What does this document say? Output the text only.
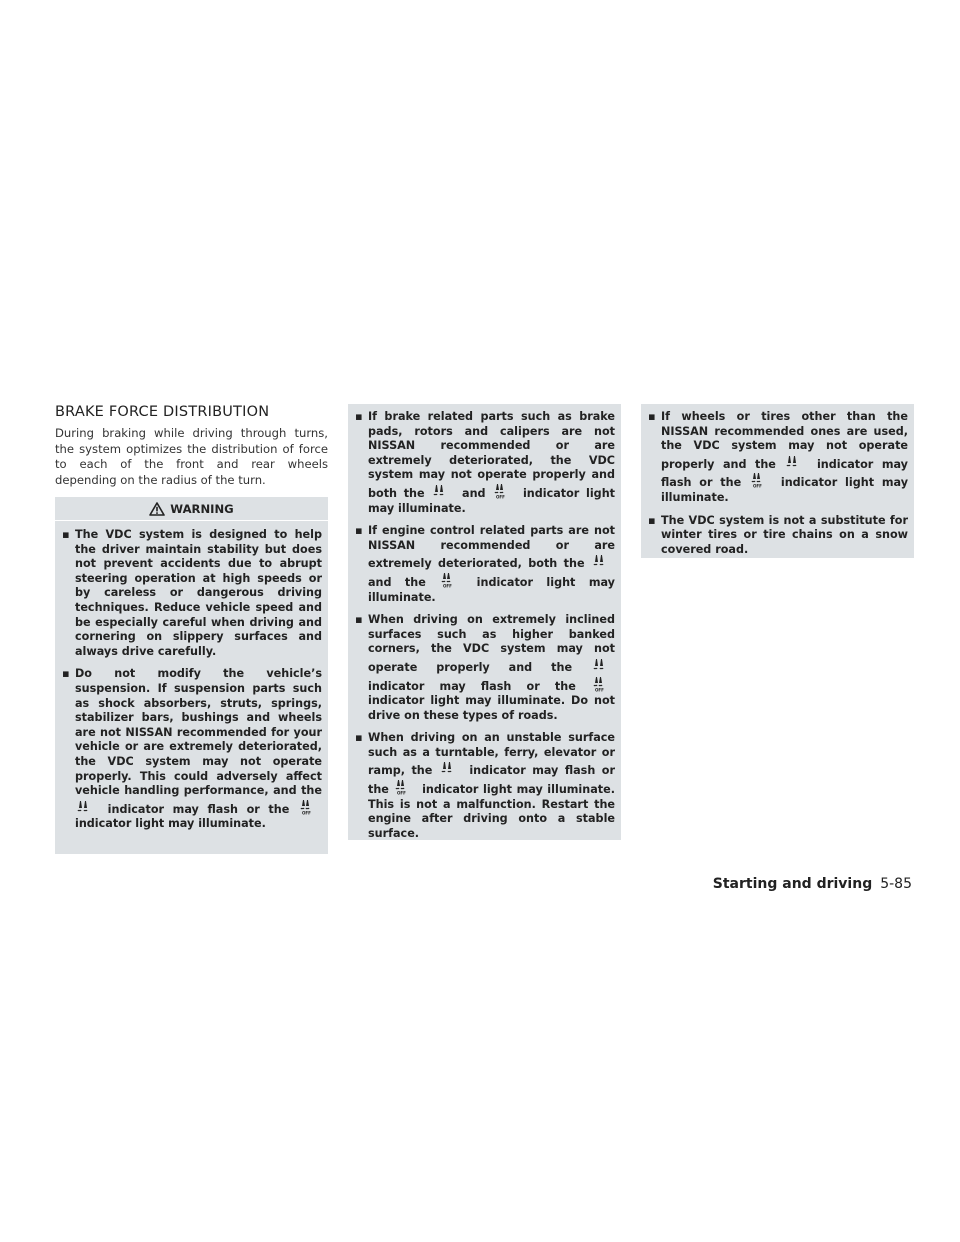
BRAKE FORCE DISTRIBUTION

During braking while driving through turns, the system optimizes the distribution of force to each of the front and rear wheels depending on the radius of the turn.

WARNING
▪ The VDC system is designed to help the driver maintain stability but does not prevent accidents due to abrupt steering operation at high speeds or by careless or dangerous driving techniques. Reduce vehicle speed and be especially careful when driving and cornering on slippery surfaces and always drive carefully.
▪ Do not modify the vehicle’s suspension. If suspension parts such as shock absorbers, struts, springs, stabilizer bars, bushings and wheels are not NISSAN recommended for your vehicle or are extremely deteriorated, the VDC system may not operate properly. This could adversely affect vehicle handling performance, and the
indicator may flash or the	OFF
indicator light may illuminate.
▪ If brake related parts such as brake pads, rotors and calipers are not NISSAN recommended or are extremely deteriorated, the VDC system may not operate properly and both the	and	OFF indicator light may illuminate.
▪ If engine control related parts are not NISSAN recommended or are extremely deteriorated, both the
and the	OFF indicator light may illuminate.
▪ When driving on extremely inclined surfaces such as higher banked corners, the VDC system may not operate properly and the
indicator may flash or the	OFF
indicator light may illuminate. Do not drive on these types of roads.
▪ When driving on an unstable surface such as a turntable, ferry, elevator or ramp, the	indicator may flash or the OFF indicator light may illuminate. This is not a malfunction. Restart the engine after driving onto a stable surface.
▪ If wheels or tires other than the NISSAN recommended ones are used, the VDC system may not operate properly and the	indicator may flash or the	OFF indicator light may illuminate.
▪ The VDC system is not a substitute for winter tires or tire chains on a snow covered road.
Starting and driving 5-85
